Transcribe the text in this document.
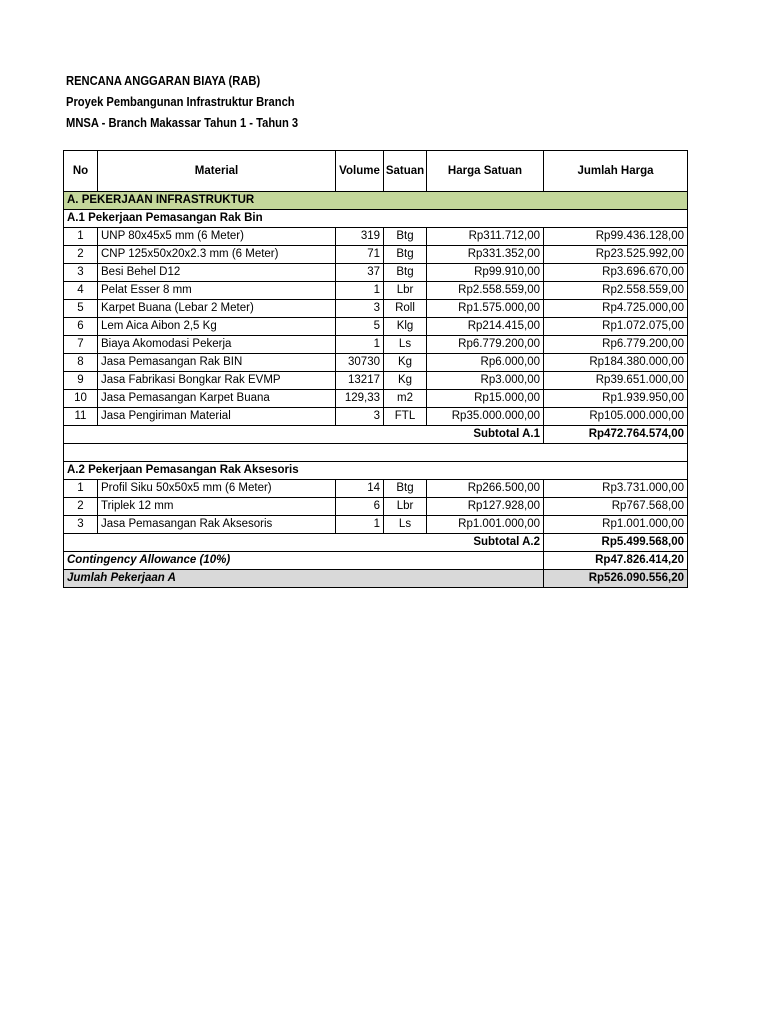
RENCANA ANGGARAN BIAYA (RAB)
Proyek Pembangunan Infrastruktur Branch
MNSA - Branch Makassar Tahun 1 - Tahun 3
No	Material	Volume	Satuan	Harga Satuan	Jumlah Harga
A. PEKERJAAN INFRASTRUKTUR					
A.1 Pekerjaan Pemasangan Rak Bin					
1	UNP 80x45x5 mm (6 Meter)	319	Btg	Rp311.712,00	Rp99.436.128,00
2	CNP 125x50x20x2.3 mm (6 Meter)	71	Btg	Rp331.352,00	Rp23.525.992,00
3	Besi Behel D12	37	Btg	Rp99.910,00	Rp3.696.670,00
4	Pelat Esser 8 mm	1	Lbr	Rp2.558.559,00	Rp2.558.559,00
5	Karpet Buana (Lebar 2 Meter)	3	Roll	Rp1.575.000,00	Rp4.725.000,00
6	Lem Aica Aibon 2,5 Kg	5	Klg	Rp214.415,00	Rp1.072.075,00
7	Biaya Akomodasi Pekerja	1	Ls	Rp6.779.200,00	Rp6.779.200,00
8	Jasa Pemasangan Rak BIN	30730	Kg	Rp6.000,00	Rp184.380.000,00
9	Jasa Fabrikasi Bongkar Rak EVMP	13217	Kg	Rp3.000,00	Rp39.651.000,00
10	Jasa Pemasangan Karpet Buana	129,33	m2	Rp15.000,00	Rp1.939.950,00
11	Jasa Pengiriman Material	3	FTL	Rp35.000.000,00	Rp105.000.000,00
Subtotal A.1					Rp472.764.574,00

A.2 Pekerjaan Pemasangan Rak Aksesoris					
1	Profil Siku 50x50x5 mm (6 Meter)	14	Btg	Rp266.500,00	Rp3.731.000,00
2	Triplek 12 mm	6	Lbr	Rp127.928,00	Rp767.568,00
3	Jasa Pemasangan Rak Aksesoris	1	Ls	Rp1.001.000,00	Rp1.001.000,00
Subtotal A.2					Rp5.499.568,00
Contingency Allowance (10%)					Rp47.826.414,20
Jumlah Pekerjaan A					Rp526.090.556,20
